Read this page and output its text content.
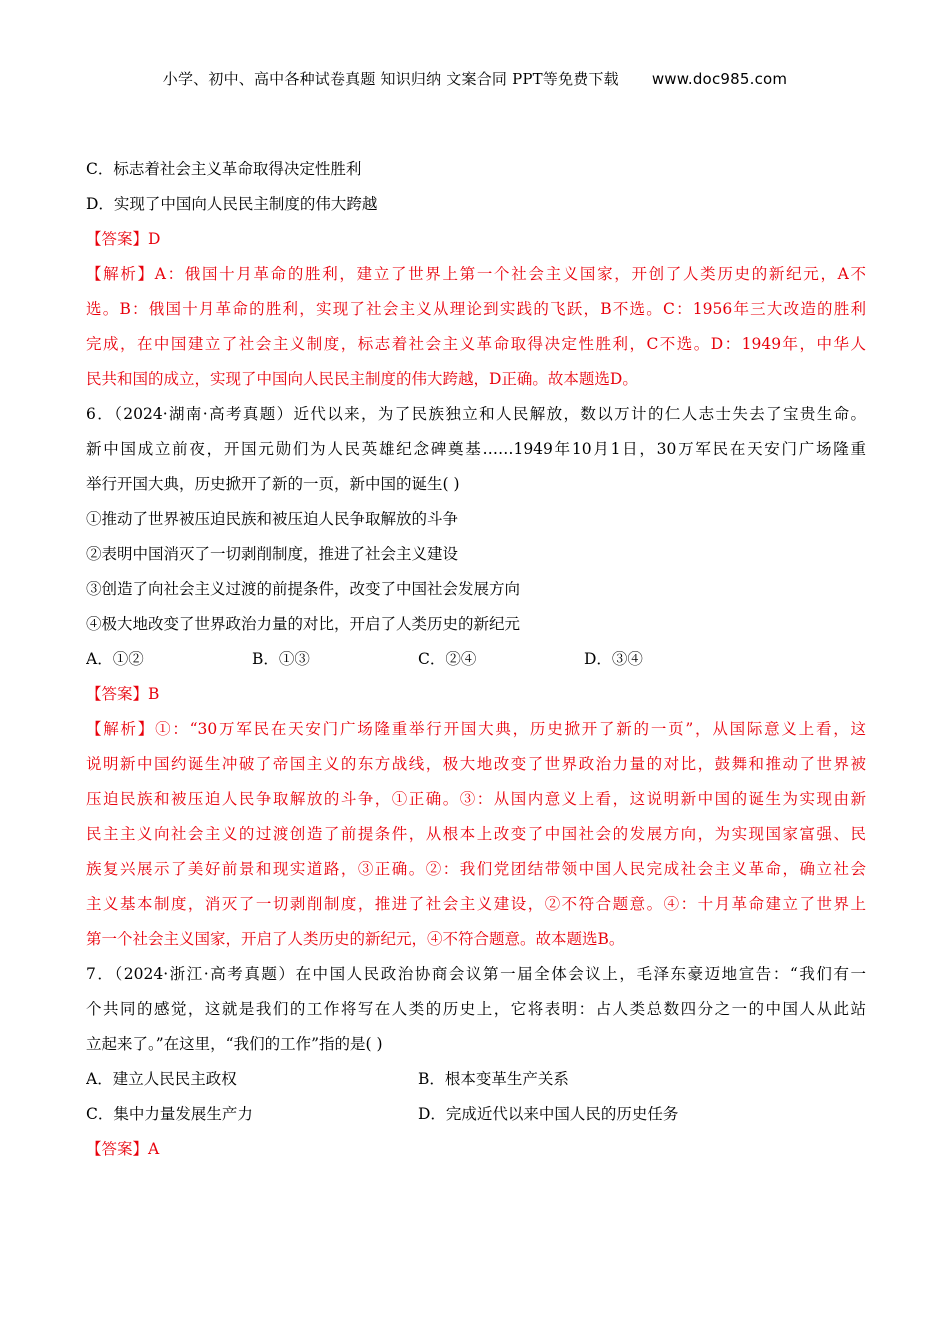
小学、初中、高中各种试卷真题 知识归纳 文案合同 PPT等免费下载 www.doc985.com
C．标志着社会主义革命取得决定性胜利
D．实现了中国向人民民主制度的伟大跨越
【答案】D
【解析】A：俄国十月革命的胜利，建立了世界上第一个社会主义国家，开创了人类历史的新纪元，A不
选。B：俄国十月革命的胜利，实现了社会主义从理论到实践的飞跃，B不选。C：1956年三大改造的胜利
完成，在中国建立了社会主义制度，标志着社会主义革命取得决定性胜利，C不选。D：1949年，中华人
民共和国的成立，实现了中国向人民民主制度的伟大跨越，D正确。故本题选D。
6．（2024·湖南·高考真题）近代以来，为了民族独立和人民解放，数以万计的仁人志士失去了宝贵生命。
新中国成立前夜，开国元勋们为人民英雄纪念碑奠基……1949年10月1日，30万军民在天安门广场隆重
举行开国大典，历史掀开了新的一页，新中国的诞生( )
①推动了世界被压迫民族和被压迫人民争取解放的斗争
②表明中国消灭了一切剥削制度，推进了社会主义建设
③创造了向社会主义过渡的前提条件，改变了中国社会发展方向
④极大地改变了世界政治力量的对比，开启了人类历史的新纪元
A．①②	B．①③	C．②④	D．③④
【答案】B
【解析】①：“30万军民在天安门广场隆重举行开国大典，历史掀开了新的一页”，从国际意义上看，这
说明新中国约诞生冲破了帝国主义的东方战线，极大地改变了世界政治力量的对比，鼓舞和推动了世界被
压迫民族和被压迫人民争取解放的斗争，①正确。③：从国内意义上看，这说明新中国的诞生为实现由新
民主主义向社会主义的过渡创造了前提条件，从根本上改变了中国社会的发展方向，为实现国家富强、民
族复兴展示了美好前景和现实道路，③正确。②：我们党团结带领中国人民完成社会主义革命，确立社会
主义基本制度，消灭了一切剥削制度，推进了社会主义建设，②不符合题意。④：十月革命建立了世界上
第一个社会主义国家，开启了人类历史的新纪元，④不符合题意。故本题选B。
7．（2024·浙江·高考真题）在中国人民政治协商会议第一届全体会议上，毛泽东豪迈地宣告：“我们有一
个共同的感觉，这就是我们的工作将写在人类的历史上，它将表明：占人类总数四分之一的中国人从此站
立起来了。”在这里，“我们的工作”指的是( )
A．建立人民民主政权	B．根本变革生产关系
C．集中力量发展生产力	D．完成近代以来中国人民的历史任务
【答案】A
